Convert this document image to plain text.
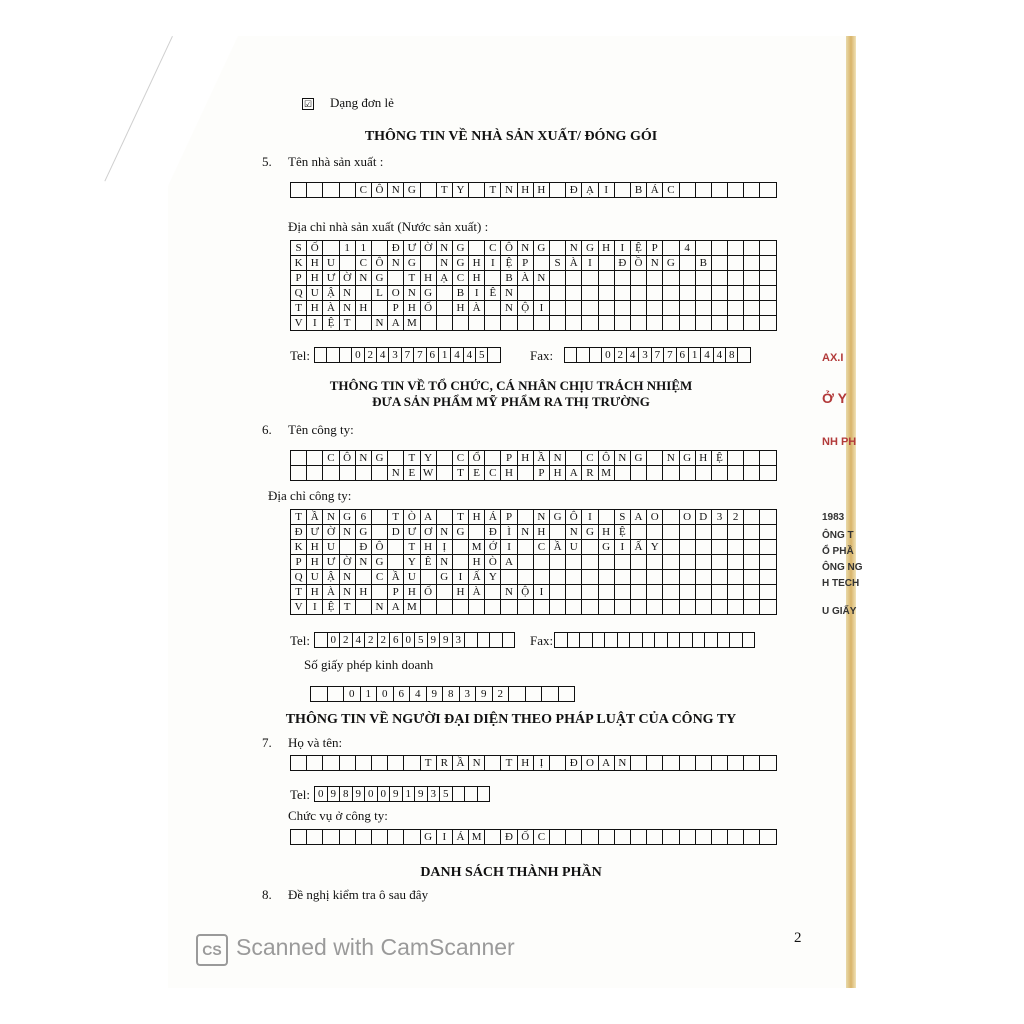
AX.I
Ở Y
NH PH
1983
ÔNG T
Ổ PHẦ
ÔNG NG
H TECH
U GIẤY
☑ Dạng đơn lẻ
THÔNG TIN VỀ NHÀ SẢN XUẤT/ ĐÓNG GÓI
5. Tên nhà sản xuất :
C Ô N G	T Y	T N H H	Đ Ạ I	B Á C
Địa chỉ nhà sản xuất (Nước sản xuất) :
S Ố	1 1	Đ Ư Ờ N G	C Ô N G	N G H I Ệ P	4
K H U	C Ô N G	N G H I Ệ P	S À I	Đ Ồ N G	B
P H Ư Ờ N G	T H Ạ C H	B À N
Q U Ậ N	L O N G	B I Ê N
T H À N H	P H Ố	H À	N Ộ I
V I Ệ T	N A M
Tel:	0 2 4 3 7 7 6 1 4 4 5	Fax:	0 2 4 3 7 7 6 1 4 4 8
THÔNG TIN VỀ TỔ CHỨC, CÁ NHÂN CHỊU TRÁCH NHIỆM
ĐƯA SẢN PHẨM MỸ PHẨM RA THỊ TRƯỜNG
6. Tên công ty:
C Ô N G	T Y	C Ổ	P H Ầ N	C Ô N G	N G H Ệ
N E W	T E C H	P H A R M
Địa chỉ công ty:
T Ầ N G 6	T Ò A	T H Á P	N G Ô I	S A O	O D 3 2
Đ Ư Ờ N G	D Ư Ơ N G	Đ Ì N H	N G H Ệ
K H U	Đ Ô	T H Ị	M Ớ I	C Ầ U	G I Ấ Y
P H Ư Ờ N G	Y Ê N	H Ò A
Q U Ậ N	C Ầ U	G I Ấ Y
T H À N H	P H Ố	H À	N Ộ I
V I Ệ T	N A M
Tel: 0 2 4 2 2 6 0 5 9 9 3	Fax:
Số giấy phép kinh doanh
0	1	0	6	4	9	8	3	9	2
THÔNG TIN VỀ NGƯỜI ĐẠI DIỆN THEO PHÁP LUẬT CỦA CÔNG TY
7. Họ và tên:
T R Ầ N	T H Ị	Đ O A N
Tel: 0 9 8 9 0 0 9 1 9 3 5
Chức vụ ở công ty:
G I Á M	Đ Ố C
DANH SÁCH THÀNH PHẦN
8. Đề nghị kiểm tra ô sau đây
2
CS Scanned with CamScanner
